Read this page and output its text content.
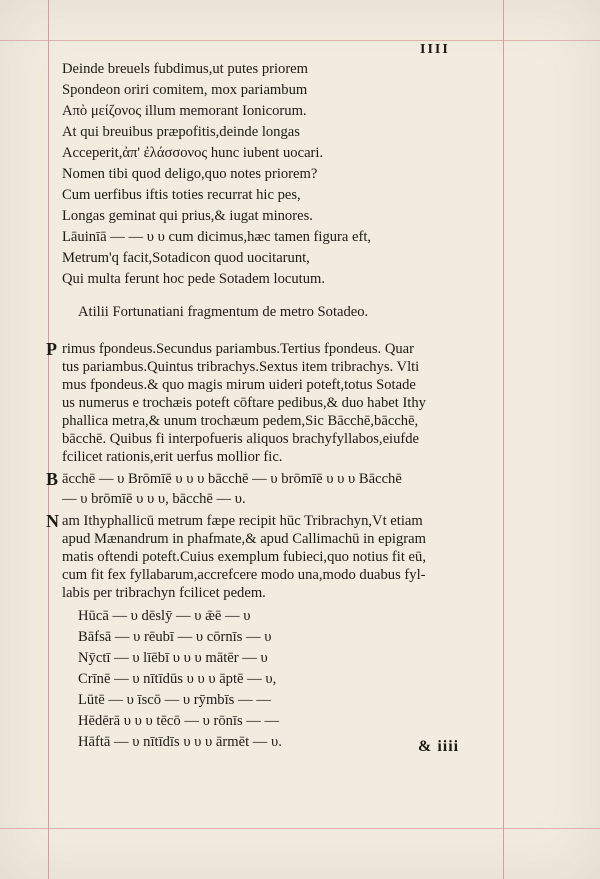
IIII
Deinde breuels fubdimus,ut putes priorem
Spondeon oriri comitem, mox pariambum
Aπὸ μείζονος illum memorant Ionicorum.
At qui breuibus præpofitis,deinde longas
Acceperit,ἀπ' ἐλάσσονος hunc iubent uocari.
Nomen tibi quod deligo,quo notes priorem?
Cum uerfibus iftis toties recurrat hic pes,
Longas geminat qui prius,& iugat minores.
Lāuinīā — — υ υ cum dicimus,hæc tamen figura eft,
Metrum'q facit,Sotadicon quod uocitarunt,
Qui multa ferunt hoc pede Sotadem locutum.
Atilii Fortunatiani fragmentum de metro Sotadeo.
P rimus fpondeus.Secundus pariambus.Tertius fpondeus. Quar
tus pariambus.Quintus tribrachys.Sextus item tribrachys. Vlti
mus fpondeus.& quo magis mirum uideri poteft,totus Sotade
us numerus e trochæis poteft cōftare pedibus,& duo habet Ithy
phallica metra,& unum trochæum pedem,Sic Bācchē,bācchē,
bācchē. Quibus fi interpofueris aliquos brachyfyllabos,eiufde
fcilicet rationis,erit uerfus mollior fic.
B ācchē — υ Brōmīē υ υ υ bācchē — υ brōmīē υ υ υ Bācchē
— υ brōmīē υ υ υ, bācchē — υ.
N am Ithyphallicū metrum fæpe recipit hūc Tribrachyn,Vt etiam
apud Mænandrum in phafmate,& apud Callimachū in epigram
matis oftendi poteft.Cuius exemplum fubieci,quo notius fit eū,
cum fit fex fyllabarum,accrefcere modo una,modo duabus fyl-
labis per tribrachyn fcilicet pedem.
Hūcā — υ dēslȳ — υ ǣē — υ
Bāfsā — υ rēubī — υ cōrnīs — υ
Nȳctī — υ līēbī υ υ υ mātēr — υ
Crīnē — υ nītīdūs υ υ υ āptē — υ,
Lūtē — υ īscō — υ rȳmbīs — —
Hēdērā υ υ υ tēcō — υ rōnīs — —
Hāftā — υ nītīdīs υ υ υ ārmēt — υ.	& iiii
